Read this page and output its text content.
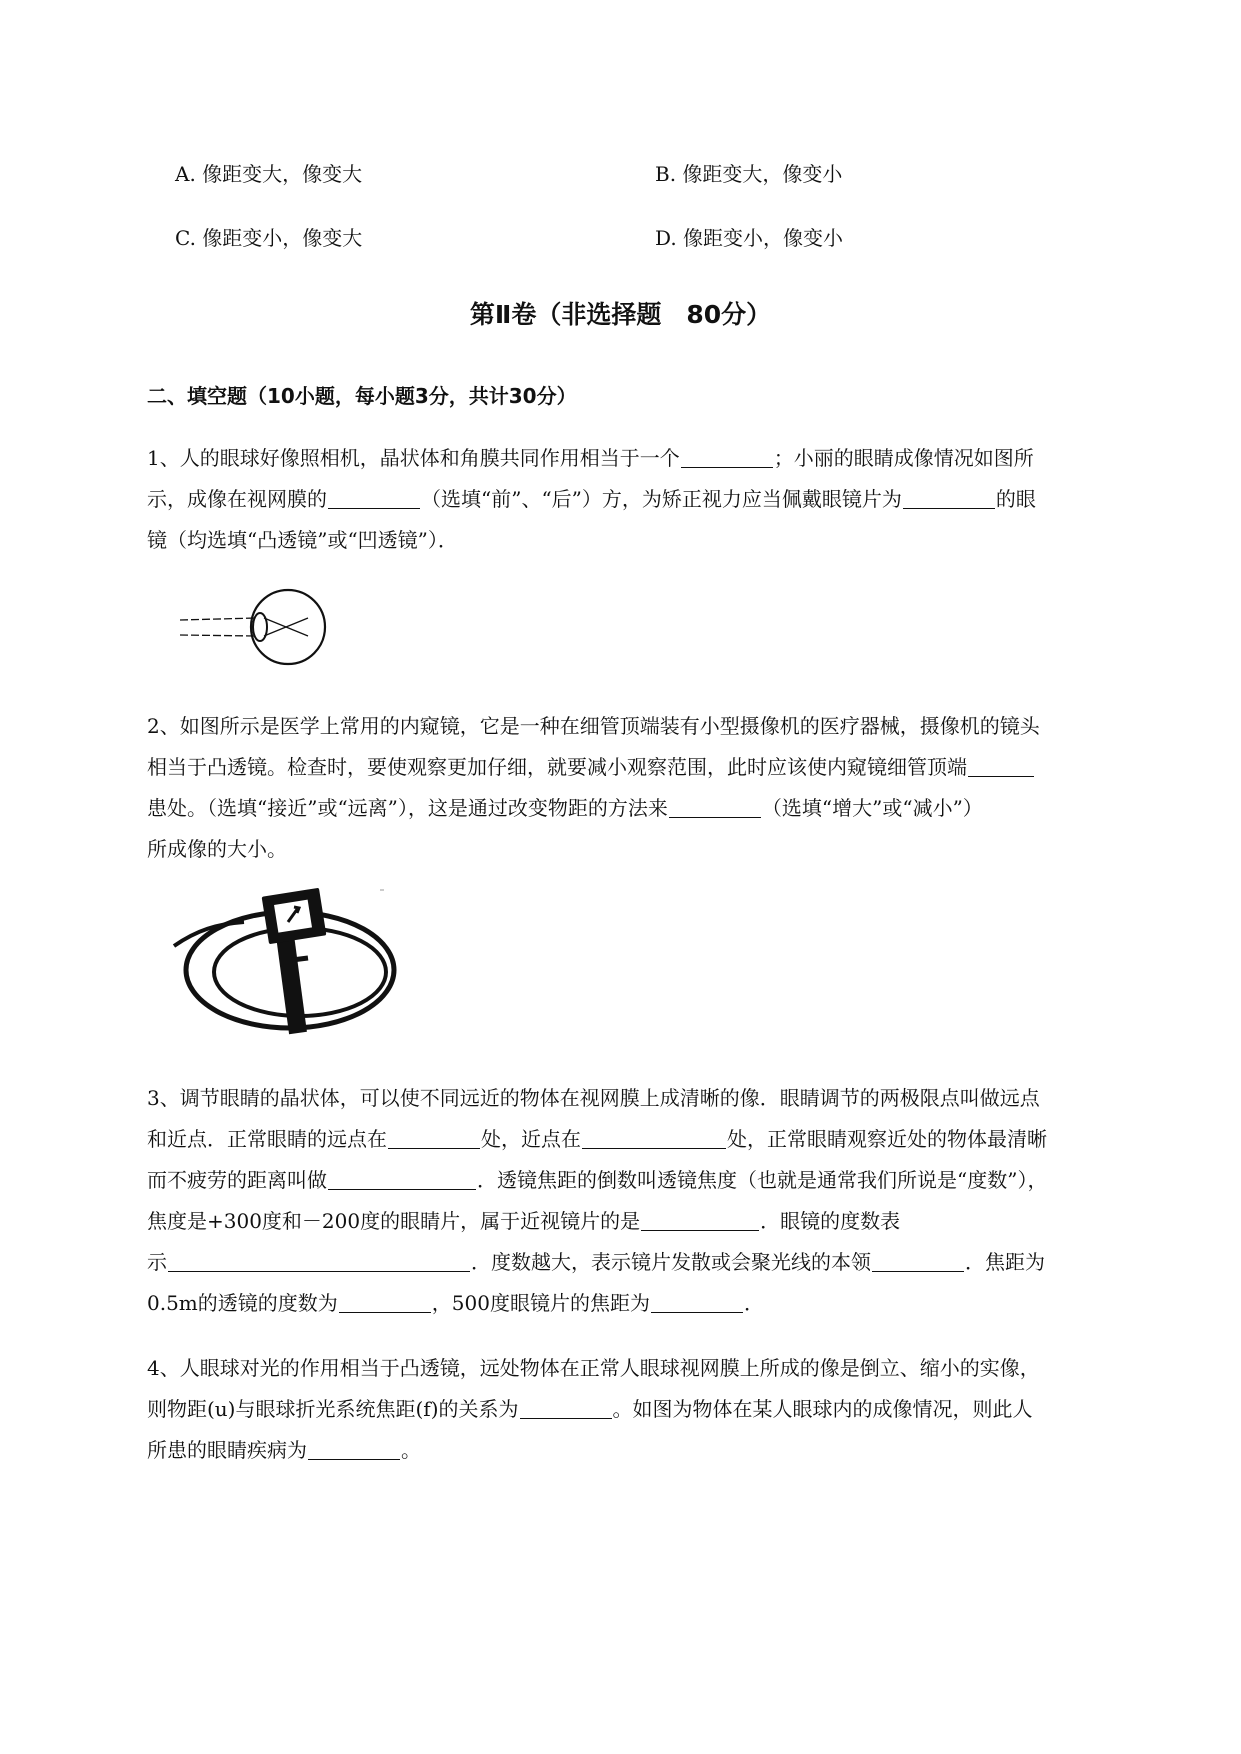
A. 像距变大，像变大	B. 像距变大，像变小
C. 像距变小，像变大	D. 像距变小，像变小
第Ⅱ卷（非选择题　80分）
二、填空题（10小题，每小题3分，共计30分）
1、人的眼球好像照相机，晶状体和角膜共同作用相当于一个	；小丽的眼睛成像情况如图所
示，成像在视网膜的	（选填“前”、“后”）方，为矫正视力应当佩戴眼镜片为	的眼
镜（均选填“凸透镜”或“凹透镜”）．
2、如图所示是医学上常用的内窥镜，它是一种在细管顶端装有小型摄像机的医疗器械，摄像机的镜头
相当于凸透镜。检查时，要使观察更加仔细，就要减小观察范围，此时应该使内窥镜细管顶端
患处。（选填“接近”或“远离”），这是通过改变物距的方法来	（选填“增大”或“减小”）
所成像的大小。
3、调节眼睛的晶状体，可以使不同远近的物体在视网膜上成清晰的像．眼睛调节的两极限点叫做远点
和近点．正常眼睛的远点在	处，近点在	处，正常眼睛观察近处的物体最清晰
而不疲劳的距离叫做	．透镜焦距的倒数叫透镜焦度（也就是通常我们所说是“度数”），
焦度是+300度和－200度的眼睛片，属于近视镜片的是	．眼镜的度数表
示	．度数越大，表示镜片发散或会聚光线的本领	．焦距为
0.5m的透镜的度数为	，500度眼镜片的焦距为	．
4、人眼球对光的作用相当于凸透镜，远处物体在正常人眼球视网膜上所成的像是倒立、缩小的实像，
则物距(u)与眼球折光系统焦距(f)的关系为	。如图为物体在某人眼球内的成像情况，则此人
所患的眼睛疾病为	。
